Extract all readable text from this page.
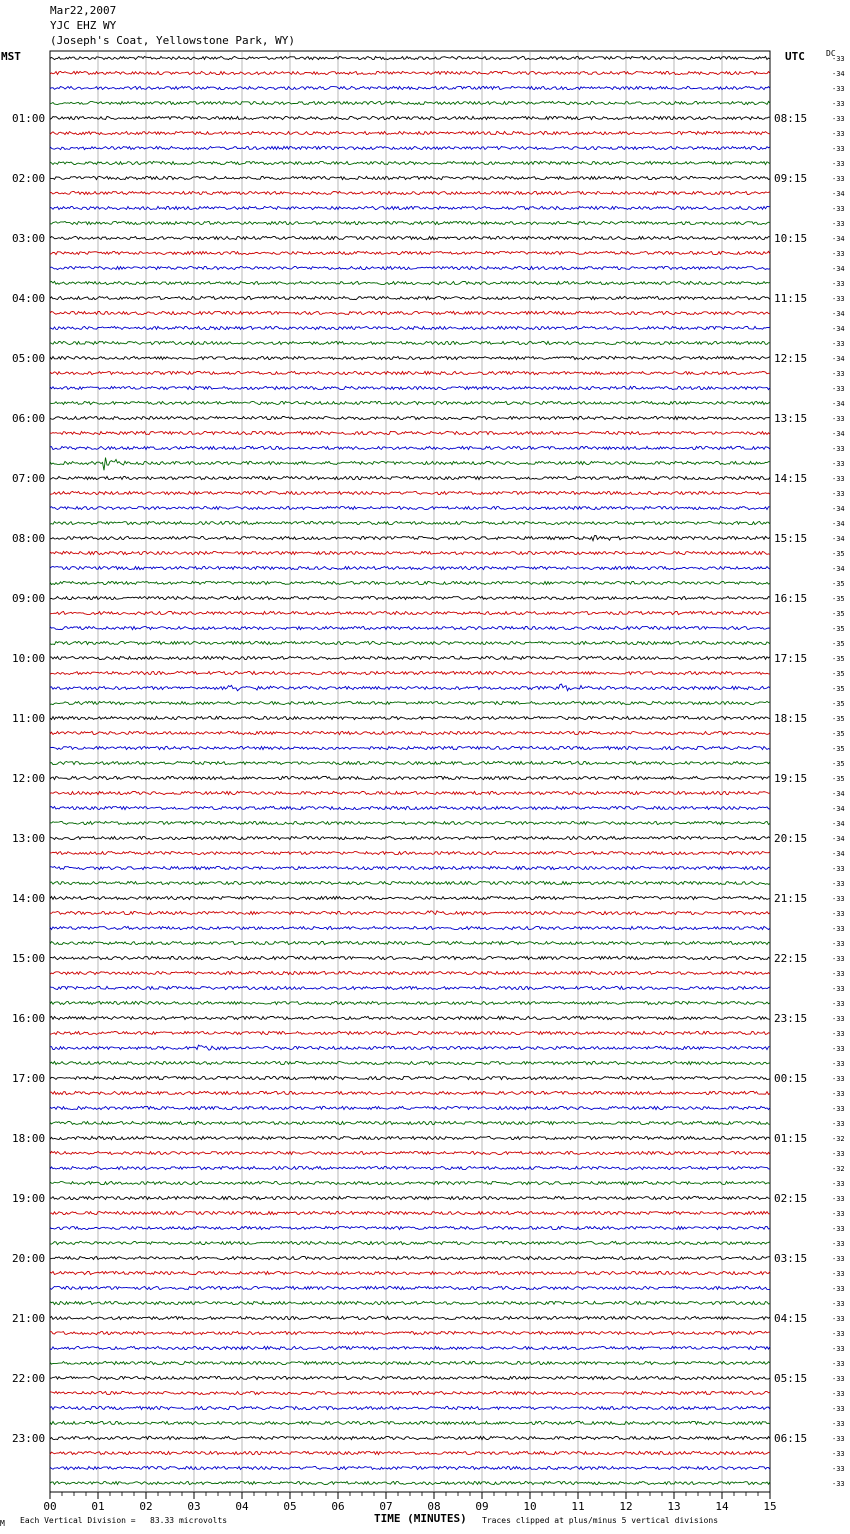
Mar22,2007
YJC EHZ WY
(Joseph's Coat, Yellowstone Park, WY)
MST	UTC	DC
-33
-34
-33
-33
-33
-33
-33
-33
-33
-34
-33
-33
-34
-33
-34
-33
-33
-34
-34
-33
-34
-33
-33
-34
-33
-34
-33
-33
-33
-33
-34
-34
-34
-35
-34
-35
-35
-35
-35
-35
-35
-35
-35
-35
-35
-35
-35
-35
-35
-34
-34
-34
-34
-34
-33
-33
-33
-33
-33
-33
-33
-33
-33
-33
-33
-33
-33
-33
-33
-33
-33
-33
-32
-33
-32
-33
-33
-33
-33
-33
-33
-33
-33
-33
-33
-33
-33
-33
-33
-33
-33
-33
-33
-33
-33
-33
01:00
02:00
03:00
04:00
05:00
06:00
07:00
08:00
09:00
10:00
11:00
12:00
13:00
14:00
15:00
16:00
17:00
18:00
19:00
20:00
21:00
22:00
23:00
08:15
09:15
10:15
11:15
12:15
13:15
14:15
15:15
16:15
17:15
18:15
19:15
20:15
21:15
22:15
23:15
00:15
01:15
02:15
03:15
04:15
05:15
06:15
00	01	02	03	04	05	06	07	08	09	10	11	12	13	14	15
M Each Vertical Division =   83.33 microvolts	TIME (MINUTES) Traces clipped at plus/minus 5 vertical divisions
